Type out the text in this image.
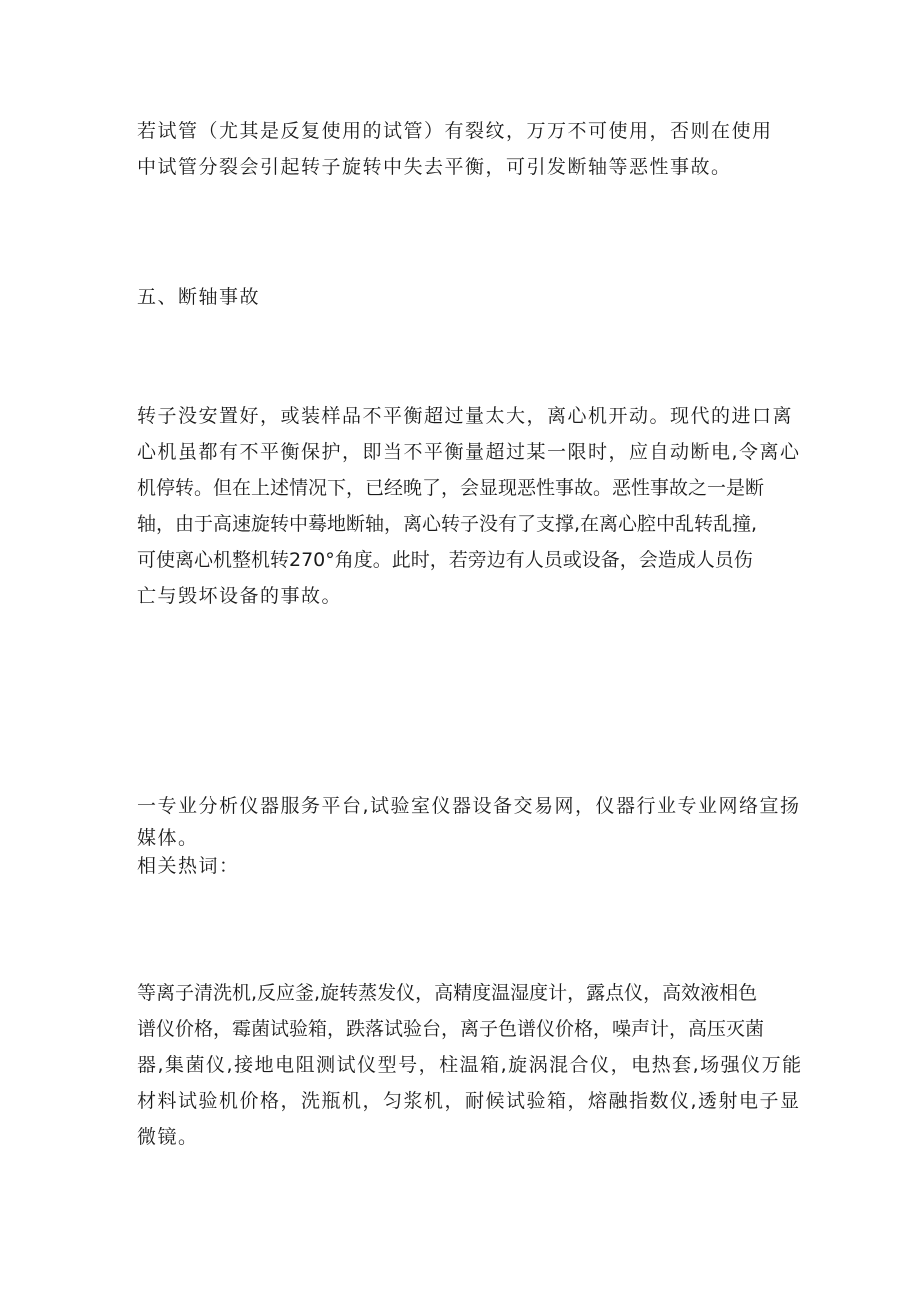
若试管（尤其是反复使用的试管）有裂纹，万万不可使用，否则在使用
中试管分裂会引起转子旋转中失去平衡，可引发断轴等恶性事故。

五、断轴事故

转子没安置好，或装样品不平衡超过量太大，离心机开动。现代的进口离
心机虽都有不平衡保护，即当不平衡量超过某一限时，应自动断电,令离心
机停转。但在上述情况下，已经晚了，会显现恶性事故。恶性事故之一是断
轴，由于高速旋转中蓦地断轴，离心转子没有了支撑,在离心腔中乱转乱撞,
可使离心机整机转270°角度。此时，若旁边有人员或设备，会造成人员伤
亡与毁坏设备的事故。

一专业分析仪器服务平台,试验室仪器设备交易网，仪器行业专业网络宣扬
媒体。
相关热词：

等离子清洗机,反应釜,旋转蒸发仪，高精度温湿度计，露点仪，高效液相色
谱仪价格，霉菌试验箱，跌落试验台，离子色谱仪价格，噪声计，高压灭菌
器,集菌仪,接地电阻测试仪型号，柱温箱,旋涡混合仪，电热套,场强仪万能
材料试验机价格，洗瓶机，匀浆机，耐候试验箱，熔融指数仪,透射电子显
微镜。
